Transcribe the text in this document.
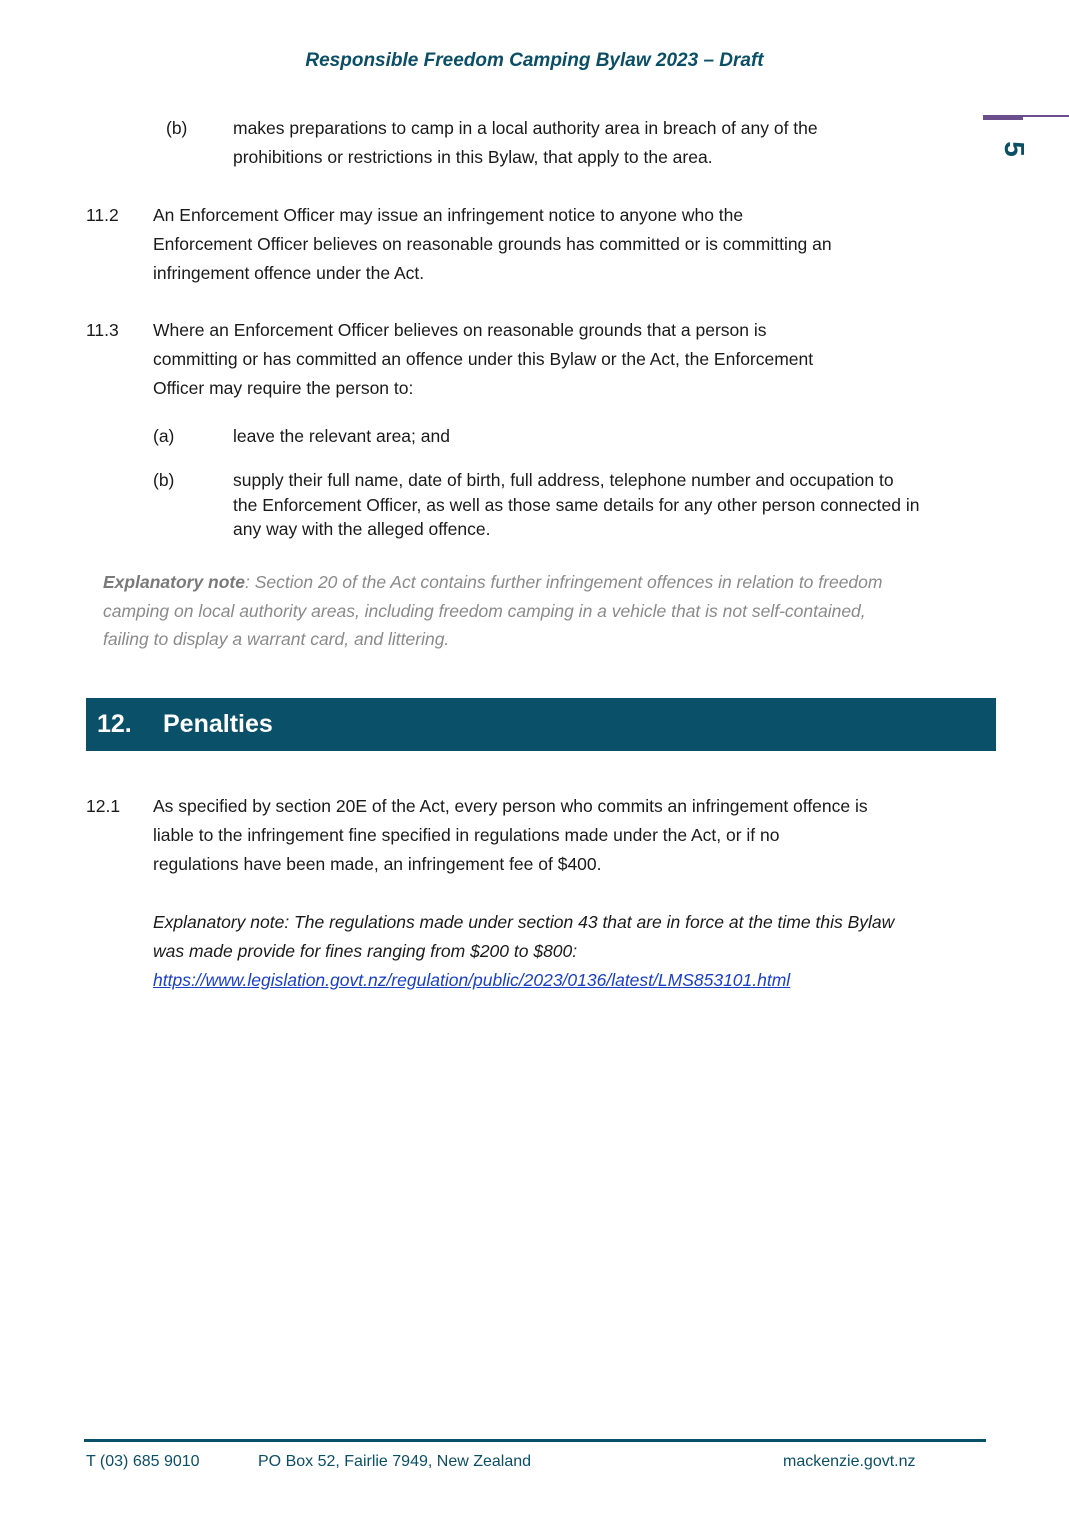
Responsible Freedom Camping Bylaw 2023 – Draft
5
(b)	makes preparations to camp in a local authority area in breach of any of the
prohibitions or restrictions in this Bylaw, that apply to the area.
11.2 An Enforcement Officer may issue an infringement notice to anyone who the
Enforcement Officer believes on reasonable grounds has committed or is committing an
infringement offence under the Act.
11.3 Where an Enforcement Officer believes on reasonable grounds that a person is
committing or has committed an offence under this Bylaw or the Act, the Enforcement
Officer may require the person to:
(a)	leave the relevant area; and
(b)	supply their full name, date of birth, full address, telephone number and occupation to
the Enforcement Officer, as well as those same details for any other person connected in
any way with the alleged offence.
Explanatory note: Section 20 of the Act contains further infringement offences in relation to freedom
camping on local authority areas, including freedom camping in a vehicle that is not self-contained,
failing to display a warrant card, and littering.
12. Penalties
12.1 As specified by section 20E of the Act, every person who commits an infringement offence is
liable to the infringement fine specified in regulations made under the Act, or if no
regulations have been made, an infringement fee of $400.
Explanatory note: The regulations made under section 43 that are in force at the time this Bylaw
was made provide for fines ranging from $200 to $800:
https://www.legislation.govt.nz/regulation/public/2023/0136/latest/LMS853101.html
T (03) 685 9010	PO Box 52, Fairlie 7949, New Zealand	mackenzie.govt.nz
